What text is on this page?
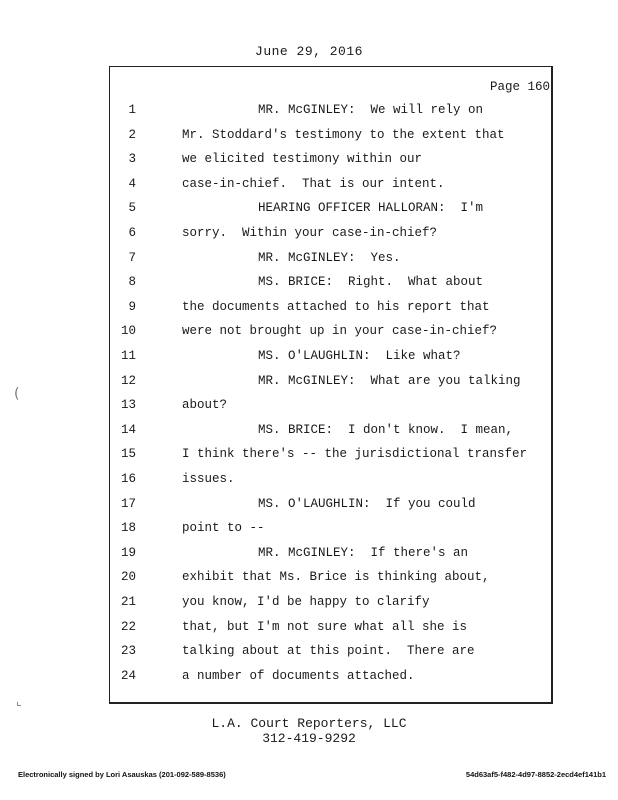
June 29, 2016
Page 160
1	MR. McGINLEY:  We will rely on
2	Mr. Stoddard's testimony to the extent that
3	we elicited testimony within our
4	case-in-chief.  That is our intent.
5	HEARING OFFICER HALLORAN:  I'm
6	sorry.  Within your case-in-chief?
7	MR. McGINLEY:  Yes.
8	MS. BRICE:  Right.  What about
9	the documents attached to his report that
10	were not brought up in your case-in-chief?
11	MS. O'LAUGHLIN:  Like what?
12	MR. McGINLEY:  What are you talking
13	about?
14	MS. BRICE:  I don't know.  I mean,
15	I think there's -- the jurisdictional transfer
16	issues.
17	MS. O'LAUGHLIN:  If you could
18	point to --
19	MR. McGINLEY:  If there's an
20	exhibit that Ms. Brice is thinking about,
21	you know, I'd be happy to clarify
22	that, but I'm not sure what all she is
23	talking about at this point.  There are
24	a number of documents attached.
(
⌞
L.A. Court Reporters, LLC
312-419-9292
Electronically signed by Lori Asauskas (201-092-589-8536)	54d63af5-f482-4d97-8852-2ecd4ef141b1
